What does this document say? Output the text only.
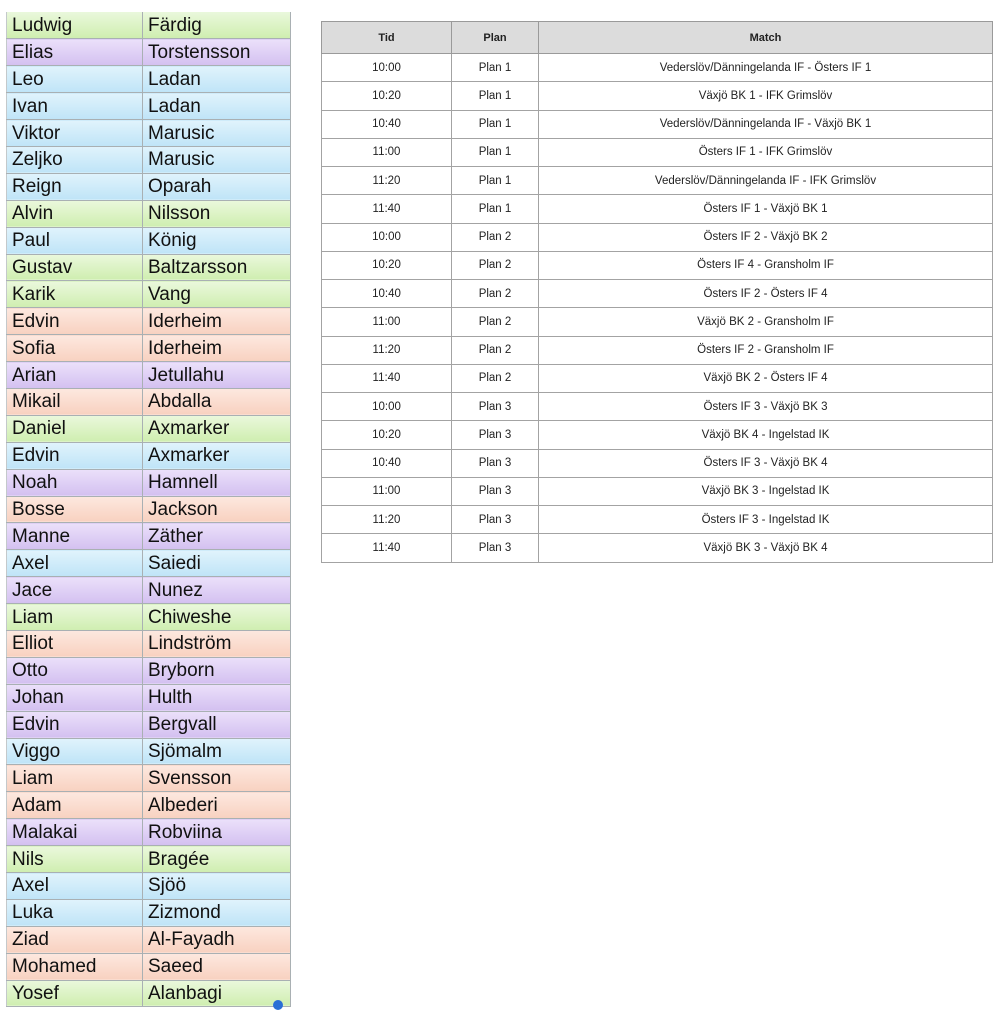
Ludwig	Färdig
Elias	Torstensson
Leo	Ladan
Ivan	Ladan
Viktor	Marusic
Zeljko	Marusic
Reign	Oparah
Alvin	Nilsson
Paul	König
Gustav	Baltzarsson
Karik	Vang
Edvin	Iderheim
Sofia	Iderheim
Arian	Jetullahu
Mikail	Abdalla
Daniel	Axmarker
Edvin	Axmarker
Noah	Hamnell
Bosse	Jackson
Manne	Zäther
Axel	Saiedi
Jace	Nunez
Liam	Chiweshe
Elliot	Lindström
Otto	Bryborn
Johan	Hulth
Edvin	Bergvall
Viggo	Sjömalm
Liam	Svensson
Adam	Albederi
Malakai	Robviina
Nils	Bragée
Axel	Sjöö
Luka	Zizmond
Ziad	Al-Fayadh
Mohamed	Saeed
Yosef	Alanbagi
Tid	Plan	Match
10:00	Plan 1	Vederslöv/Dänningelanda IF - Östers IF 1
10:20	Plan 1	Växjö BK 1 - IFK Grimslöv
10:40	Plan 1	Vederslöv/Dänningelanda IF - Växjö BK 1
11:00	Plan 1	Östers IF 1 - IFK Grimslöv
11:20	Plan 1	Vederslöv/Dänningelanda IF - IFK Grimslöv
11:40	Plan 1	Östers IF 1 - Växjö BK 1
10:00	Plan 2	Östers IF 2 - Växjö BK 2
10:20	Plan 2	Östers IF 4 - Gransholm IF
10:40	Plan 2	Östers IF 2 - Östers IF 4
11:00	Plan 2	Växjö BK 2 - Gransholm IF
11:20	Plan 2	Östers IF 2 - Gransholm IF
11:40	Plan 2	Växjö BK 2 - Östers IF 4
10:00	Plan 3	Östers IF 3 - Växjö BK 3
10:20	Plan 3	Växjö BK 4 - Ingelstad IK
10:40	Plan 3	Östers IF 3 - Växjö BK 4
11:00	Plan 3	Växjö BK 3 - Ingelstad IK
11:20	Plan 3	Östers IF 3 - Ingelstad IK
11:40	Plan 3	Växjö BK 3 - Växjö BK 4
